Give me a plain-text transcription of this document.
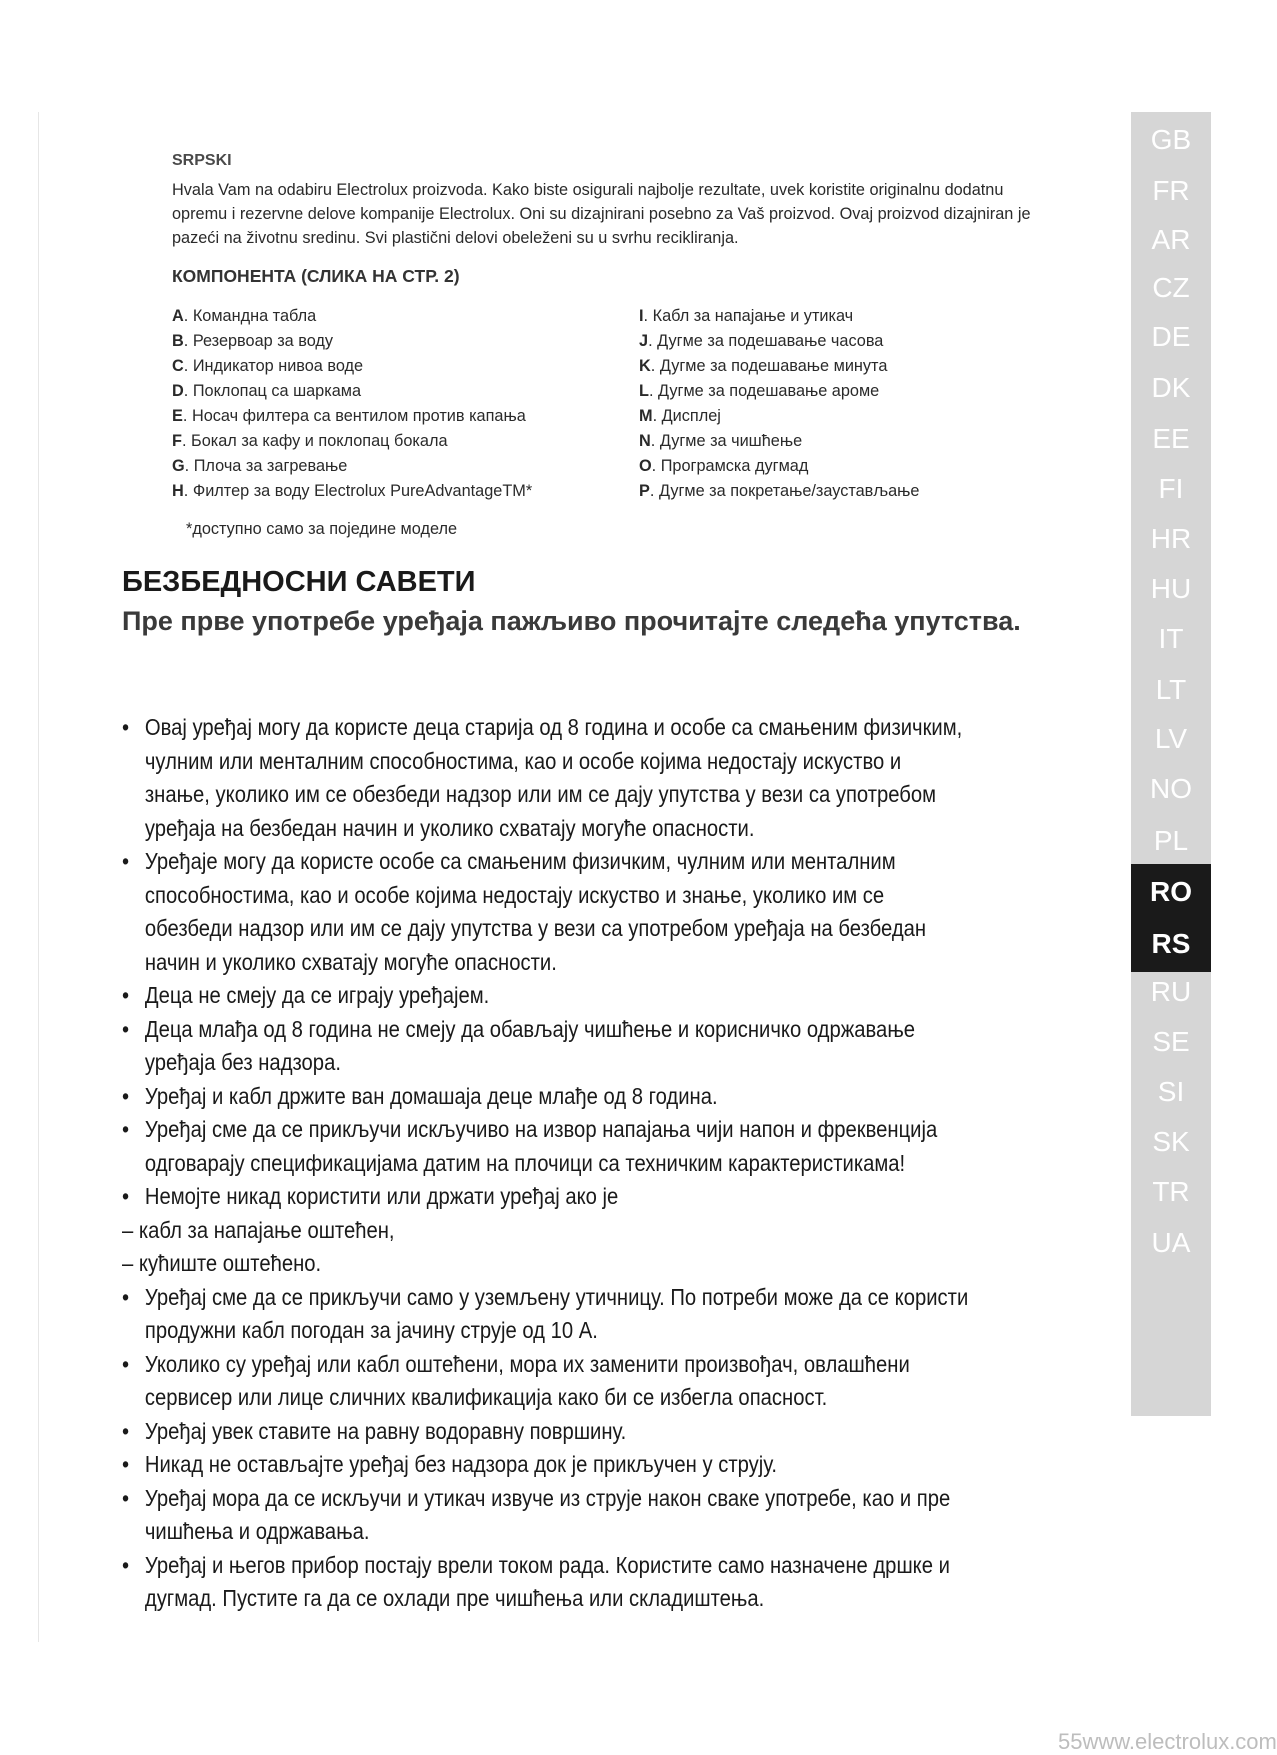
SRPSKI
Hvala Vam na odabiru Electrolux proizvoda. Kako biste osigurali najbolje rezultate, uvek koristite originalnu dodatnu opremu i rezervne delove kompanije Electrolux. Oni su dizajnirani posebno za Vaš proizvod. Ovaj proizvod dizajniran je pazeći na životnu sredinu. Svi plastični delovi obeleženi su u svrhu recikliranja.
КОМПОНЕНТА (СЛИКА НА СТР. 2)
A. Командна табла
B. Резервоар за воду
C. Индикатор нивоа воде
D. Поклопац са шаркама
E. Носач филтера са вентилом против капања
F. Бокал за кафу и поклопац бокала
G. Плоча за загревање
H. Филтер за воду Electrolux PureAdvantageTM*
I. Кабл за напајање и утикач
J. Дугме за подешавање часова
K. Дугме за подешавање минута
L. Дугме за подешавање ароме
M. Дисплеј
N. Дугме за чишћење
O. Програмска дугмад
P. Дугме за покретање/заустављање
*доступно само за поједине моделе
БЕЗБЕДНОСНИ САВЕТИ
Пре прве употребе уређаја пажљиво прочитајте следећа упутства.
• Овај уређај могу да користе деца старија од 8 година и особе са смањеним физичким, чулним или менталним способностима, као и особе којима недостају искуство и знање, уколико им се обезбеди надзор или им се дају упутства у вези са употребом уређаја на безбедан начин и уколико схватају могуће опасности.
• Уређаје могу да користе особе са смањеним физичким, чулним или менталним способностима, као и особе којима недостају искуство и знање, уколико им се обезбеди надзор или им се дају упутства у вези са употребом уређаја на безбедан начин и уколико схватају могуће опасности.
• Деца не смеју да се играју уређајем.
• Деца млађа од 8 година не смеју да обављају чишћење и корисничко одржавање уређаја без надзора.
• Уређај и кабл држите ван домашаја деце млађе од 8 година.
• Уређај сме да се прикључи искључиво на извор напајања чији напон и фреквенција одговарају спецификацијама датим на плочици са техничким карактеристикама!
• Немојте никад користити или држати уређај ако је
– кабл за напајање оштећен,
– кућиште оштећено.
• Уређај сме да се прикључи само у уземљену утичницу. По потреби може да се користи продужни кабл погодан за јачину струје од 10 A.
• Уколико су уређај или кабл оштећени, мора их заменити произвођач, овлашћени сервисер или лице сличних квалификација како би се избегла опасност.
• Уређај увек ставите на равну водоравну површину.
• Никад не остављајте уређај без надзора док је прикључен у струју.
• Уређај мора да се искључи и утикач извуче из струје након сваке употребе, као и пре чишћења и одржавања.
• Уређај и његов прибор постају врели током рада. Користите само назначене дршке и дугмад. Пустите га да се охлади пре чишћења или складиштења.
GB
FR
AR
CZ
DE
DK
EE
FI
HR
HU
IT
LT
LV
NO
PL
RO
RS
RU
SE
SI
SK
TR
UA
55www.electrolux.com
